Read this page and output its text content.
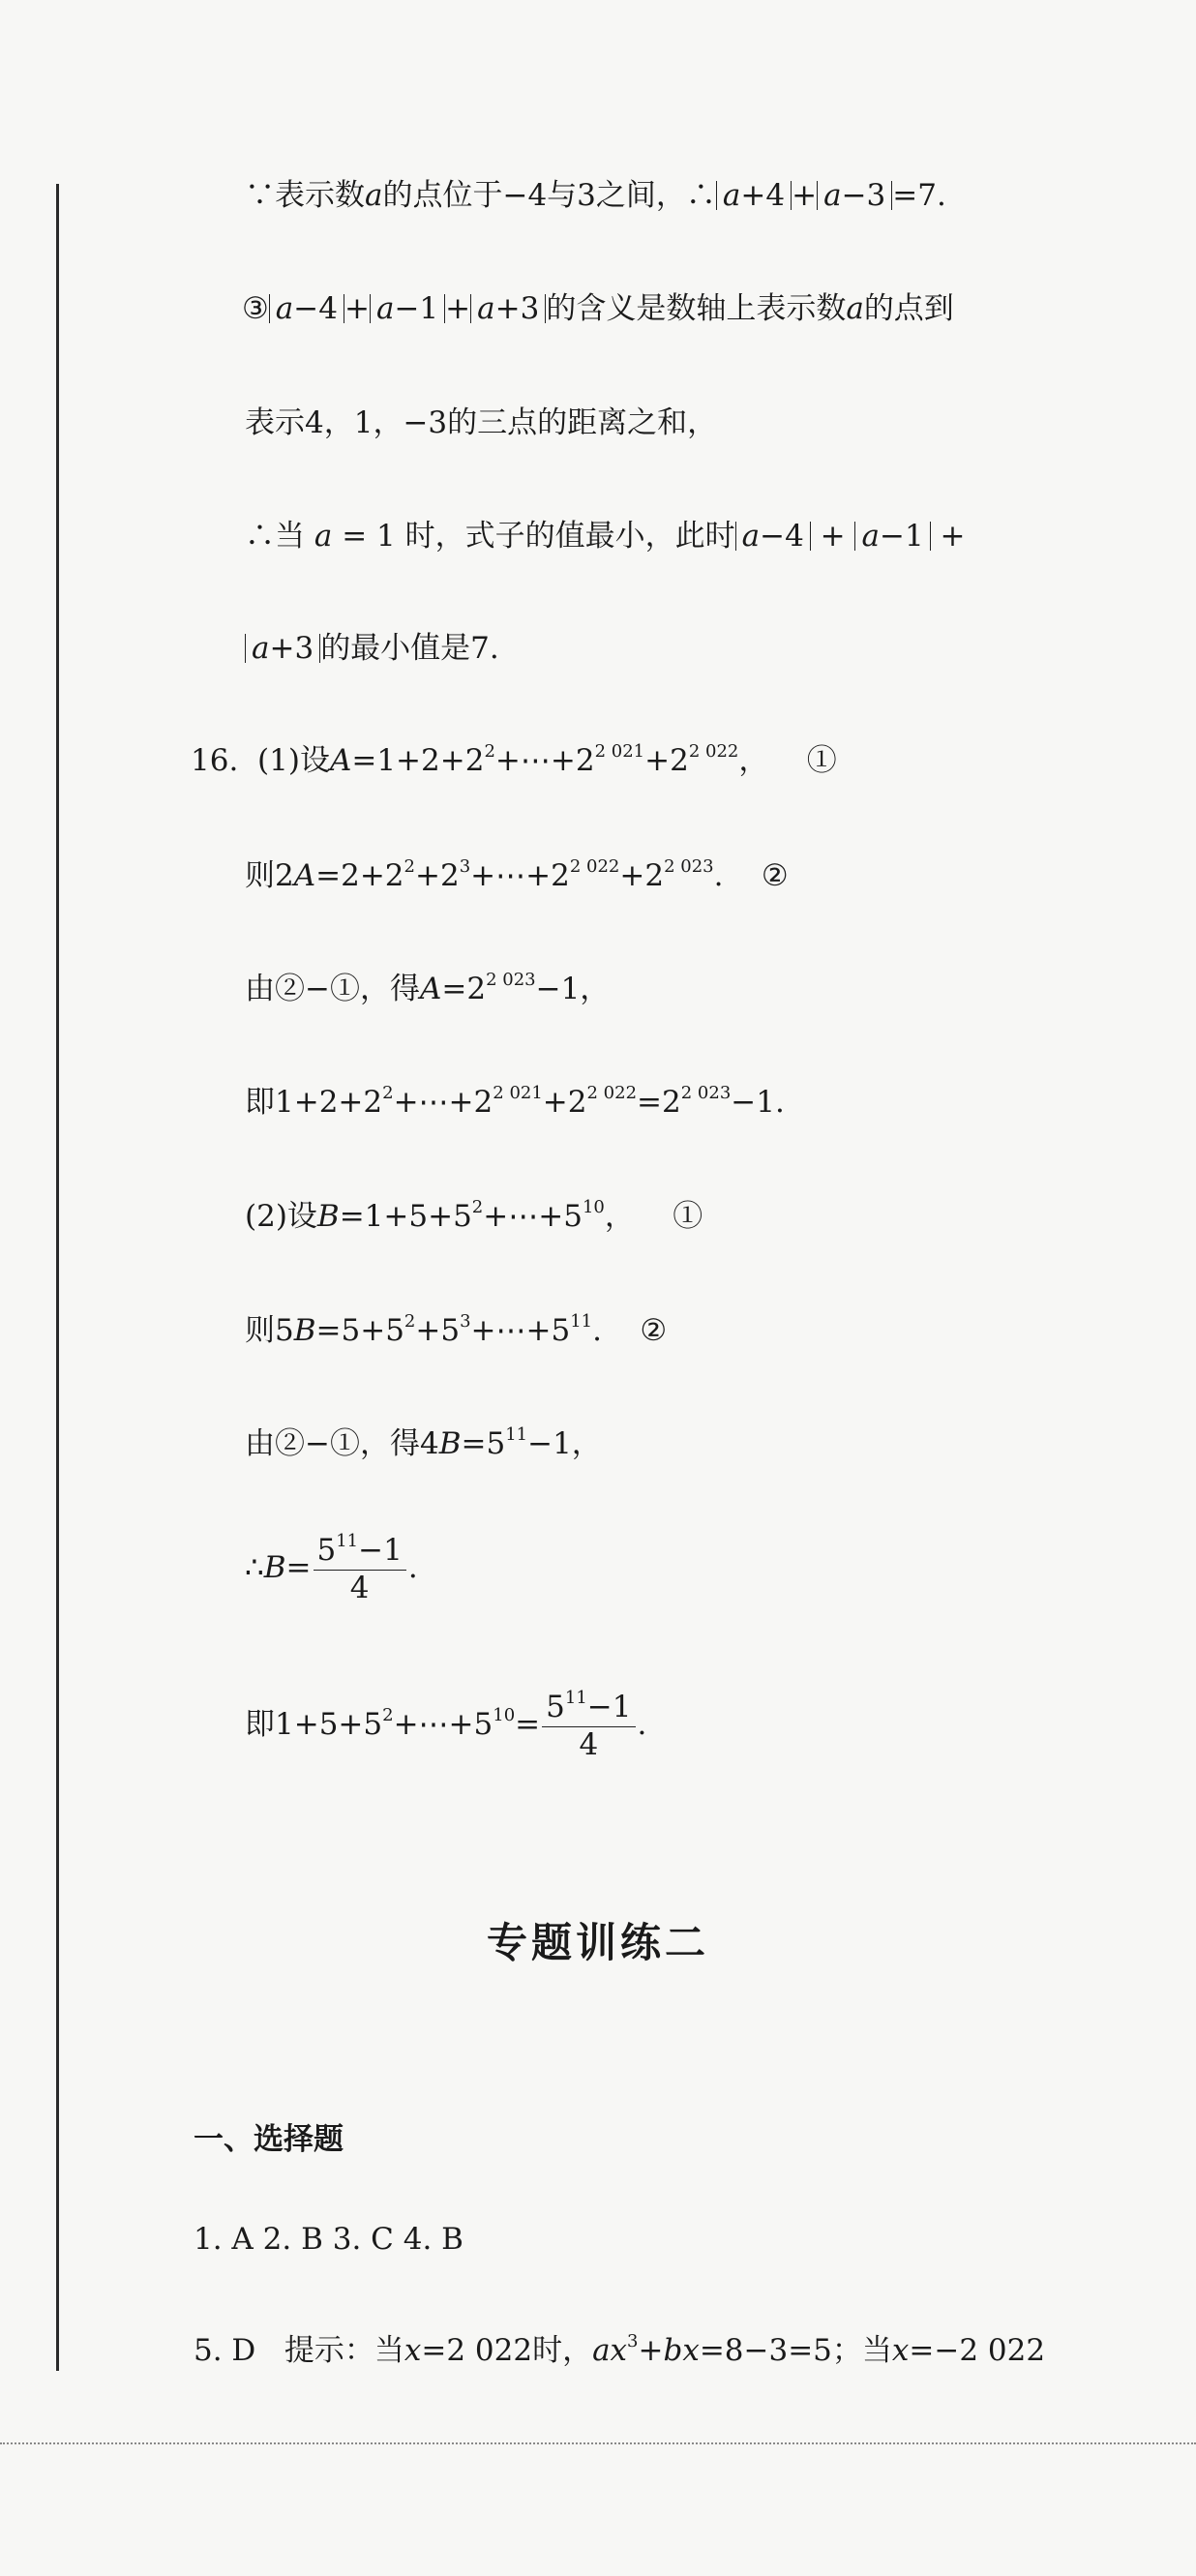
∵表示数a的点位于−4与3之间，∴ a+4 + a−3 =7.
③ a−4 + a−1 + a+3 的含义是数轴上表示数a的点到
表示4，1，−3的三点的距离之和，
∴当 a = 1 时，式子的值最小，此时 a−4 + a−1 +
a+3 的最小值是7.
16. (1)设$A=1+2+2^2+\cdots+2^{2 021}+2^{2 022}$，    ①
则$2A=2+2^2+2^3+\cdots+2^{2 022}+2^{2 023}$.    ②
由②−①，得$A=2^{2 023}-1$，
即$1+2+2^2+\cdots+2^{2 021}+2^{2 022}=2^{2 023}-1$.
(2)设$B=1+5+5^2+\cdots+5^{10}$，    ①
则$5B=5+5^2+5^3+\cdots+5^{11}$.    ②
由②−①，得$4B=5^{11}-1$，
∴B= $\frac{5^{11}-1}{4}$ .
即$1+5+5^2+\cdots+5^{10}= \frac{5^{11}-1}{4}$ .
专题训练二
一、选择题
1. A 2. B 3. C 4. B
5. D   提示：当x=2 022时，$ax^3+bx=8-3=5$；当x=−2 022
